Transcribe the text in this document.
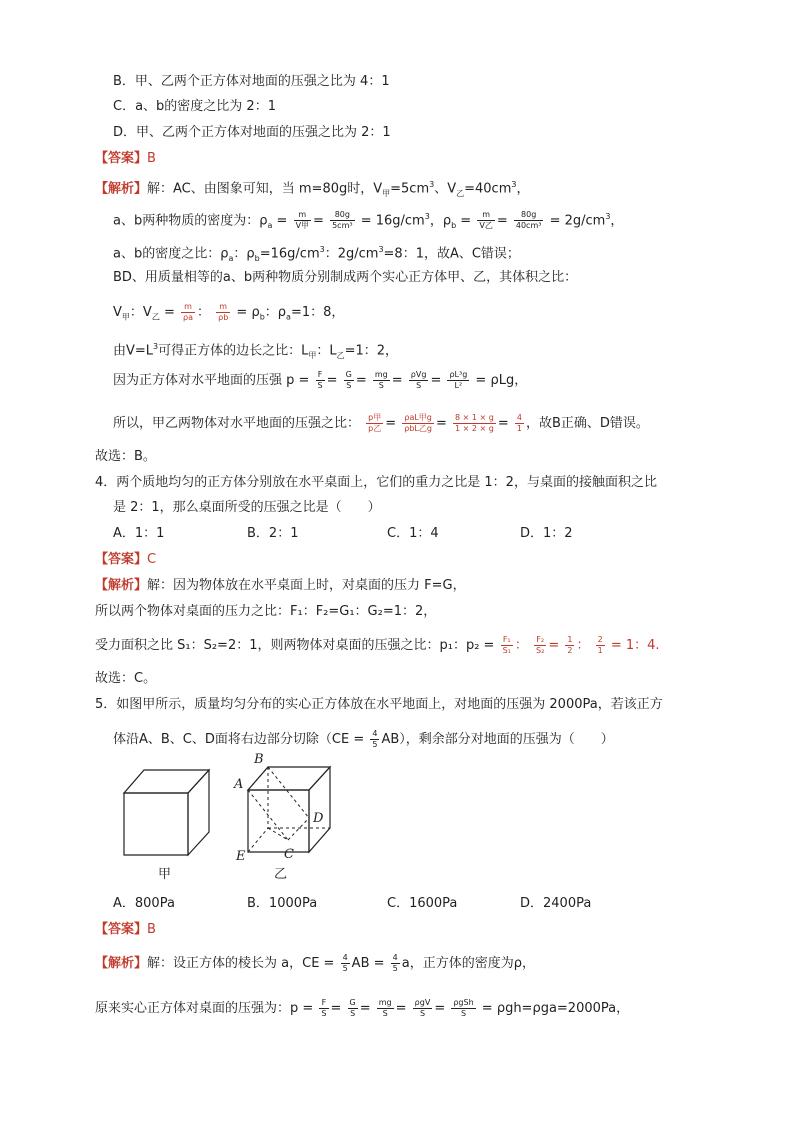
B．甲、乙两个正方体对地面的压强之比为 4：1
C．a、b的密度之比为 2：1
D．甲、乙两个正方体对地面的压强之比为 2：1
【答案】B
【解析】解：AC、由图象可知，当 m=80g时，$V_甲=5cm^3$、$V_乙=40cm^3$，
a、b两种物质的密度为：$\rho_a = \frac{m}{\text{V甲}} = \frac{80g}{\text{5cm³}} = 16g/cm^3$，$\rho_b = \frac{m}{\text{V乙}} = \frac{80g}{\text{40cm³}} = 2g/cm^3$，
a、b的密度之比：$\rho_a$：$\rho_b=16g/cm^3$：$2g/cm^3=8$：1，故A、C错误；
BD、用质量相等的a、b两种物质分别制成两个实心正方体甲、乙，其体积之比：
$V_甲$：$V_乙 = \frac{m}{\rho a}$ ： $\frac{m}{\rho b} = \rho_b$：$\rho_a=1$：8，
由$V=L^3$可得正方体的边长之比：$L_甲$：$L_乙=1$：2，
因为正方体对水平地面的压强 $p = \frac{F}{S} = \frac{G}{S} = \frac{mg}{S} = \frac{\text{ρVg}}{S} = \frac{\text{ρL³g}}{\text{L²}} = \rho Lg$，
所以，甲乙两物体对水平地面的压强之比： $\frac{\text{p甲}}{\text{p乙}} = \frac{\text{ρaL甲g}}{\text{ρbL乙g}} = \frac{8 \times 1 \times g}{1 \times 2 \times g} = \frac{4}{1}$ ，故B正确、D错误。
故选：B。
4．两个质地均匀的正方体分别放在水平桌面上，它们的重力之比是 1：2，与桌面的接触面积之比
是 2：1，那么桌面所受的压强之比是（　　）
A．1：1	B．2：1	C．1：4	D．1：2
【答案】C
【解析】解：因为物体放在水平桌面上时，对桌面的压力 F=G，
所以两个物体对桌面的压力之比：F₁：F₂=G₁：G₂=1：2，
受力面积之比 S₁：S₂=2：1，则两物体对桌面的压强之比：p₁：$p_2 = \frac{\text{F₁}}{\text{S₁}}$ ： $\frac{\text{F₂}}{\text{S₂}} = \frac{1}{2}$ ： $\frac{2}{1} = 1$：4.
故选：C。
5．如图甲所示，质量均匀分布的实心正方体放在水平地面上，对地面的压强为 2000Pa，若该正方
体沿A、B、C、D面将右边部分切除$(CE = \frac{4}{5} AB)$，剩余部分对地面的压强为（　　）
甲
A
B
C
D
E
乙
A．800Pa	B．1000Pa	C．1600Pa	D．2400Pa
【答案】B
【解析】解：设正方体的棱长为 a，CE = $\frac{4}{5}$ AB = $\frac{4}{5}$ a，正方体的密度为ρ，
原来实心正方体对桌面的压强为：$p = \frac{F}{S} = \frac{G}{S} = \frac{mg}{S} = \frac{\text{ρgV}}{S} = \frac{\text{ρgSh}}{S} = \rho gh=\rho ga=2000Pa$，
